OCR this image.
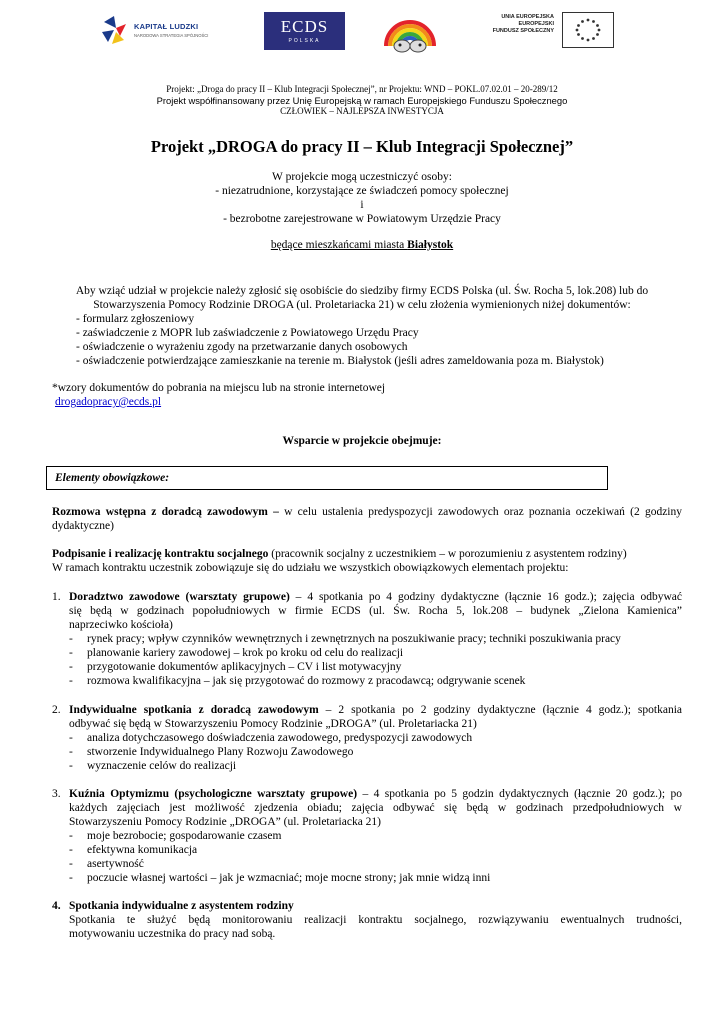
KAPITAŁ LUDZKI
NARODOWA STRATEGIA SPÓJNOŚCI	ECDS
POLSKA
UNIA EUROPEJSKA
EUROPEJSKI
FUNDUSZ SPOŁECZNY
Projekt: „Droga do pracy II – Klub Integracji Społecznej”, nr Projektu: WND – POKL.07.02.01 – 20-289/12
Projekt współfinansowany przez Unię Europejską w ramach Europejskiego Funduszu Społecznego
CZŁOWIEK – NAJLEPSZA INWESTYCJA
Projekt „DROGA do pracy II – Klub Integracji Społecznej”
W projekcie mogą uczestniczyć osoby:
- niezatrudnione, korzystające ze świadczeń pomocy społecznej
i
- bezrobotne zarejestrowane w Powiatowym Urzędzie Pracy
będące mieszkańcami miasta Białystok
Aby wziąć udział w projekcie należy zgłosić się osobiście do siedziby firmy ECDS Polska (ul. Św. Rocha 5, lok.208) lub do
Stowarzyszenia Pomocy Rodzinie DROGA (ul. Proletariacka 21) w celu złożenia wymienionych niżej dokumentów:
- formularz zgłoszeniowy
- zaświadczenie z MOPR lub zaświadczenie z Powiatowego Urzędu Pracy
- oświadczenie o wyrażeniu zgody na przetwarzanie danych osobowych
- oświadczenie potwierdzające zamieszkanie na terenie m. Białystok (jeśli adres zameldowania poza m. Białystok)
*wzory dokumentów do pobrania na miejscu lub na stronie internetowej
drogadopracy@ecds.pl
Wsparcie w projekcie obejmuje:
Elementy obowiązkowe:
Rozmowa wstępna z doradcą zawodowym – w celu ustalenia predyspozycji zawodowych oraz poznania oczekiwań (2 godziny
dydaktyczne)
Podpisanie i realizację kontraktu socjalnego (pracownik socjalny z uczestnikiem – w porozumieniu z asystentem rodziny)
W ramach kontraktu uczestnik zobowiązuje się do udziału we wszystkich obowiązkowych elementach projektu:
1. Doradztwo zawodowe (warsztaty grupowe) – 4 spotkania po 4 godziny dydaktyczne (łącznie 16 godz.); zajęcia odbywać
się będą w godzinach popołudniowych w firmie ECDS (ul. Św. Rocha 5, lok.208 – budynek „Zielona Kamienica”
naprzeciwko kościoła)
- rynek pracy; wpływ czynników wewnętrznych i zewnętrznych na poszukiwanie pracy; techniki poszukiwania pracy
- planowanie kariery zawodowej – krok po kroku od celu do realizacji
- przygotowanie dokumentów aplikacyjnych – CV i list motywacyjny
- rozmowa kwalifikacyjna – jak się przygotować do rozmowy z pracodawcą; odgrywanie scenek
2. Indywidualne spotkania z doradcą zawodowym – 2 spotkania po 2 godziny dydaktyczne (łącznie 4 godz.); spotkania
odbywać się będą w Stowarzyszeniu Pomocy Rodzinie „DROGA” (ul. Proletariacka 21)
- analiza dotychczasowego doświadczenia zawodowego, predyspozycji zawodowych
- stworzenie Indywidualnego Plany Rozwoju Zawodowego
- wyznaczenie celów do realizacji
3. Kuźnia Optymizmu (psychologiczne warsztaty grupowe) – 4 spotkania po 5 godzin dydaktycznych (łącznie 20 godz.); po
każdych zajęciach jest możliwość zjedzenia obiadu; zajęcia odbywać się będą w godzinach przedpołudniowych w
Stowarzyszeniu Pomocy Rodzinie „DROGA” (ul. Proletariacka 21)
- moje bezrobocie; gospodarowanie czasem
- efektywna komunikacja
- asertywność
- poczucie własnej wartości – jak je wzmacniać; moje mocne strony; jak mnie widzą inni
4. Spotkania indywidualne z asystentem rodziny
Spotkania te służyć będą monitorowaniu realizacji kontraktu socjalnego, rozwiązywaniu ewentualnych trudności,
motywowaniu uczestnika do pracy nad sobą.
